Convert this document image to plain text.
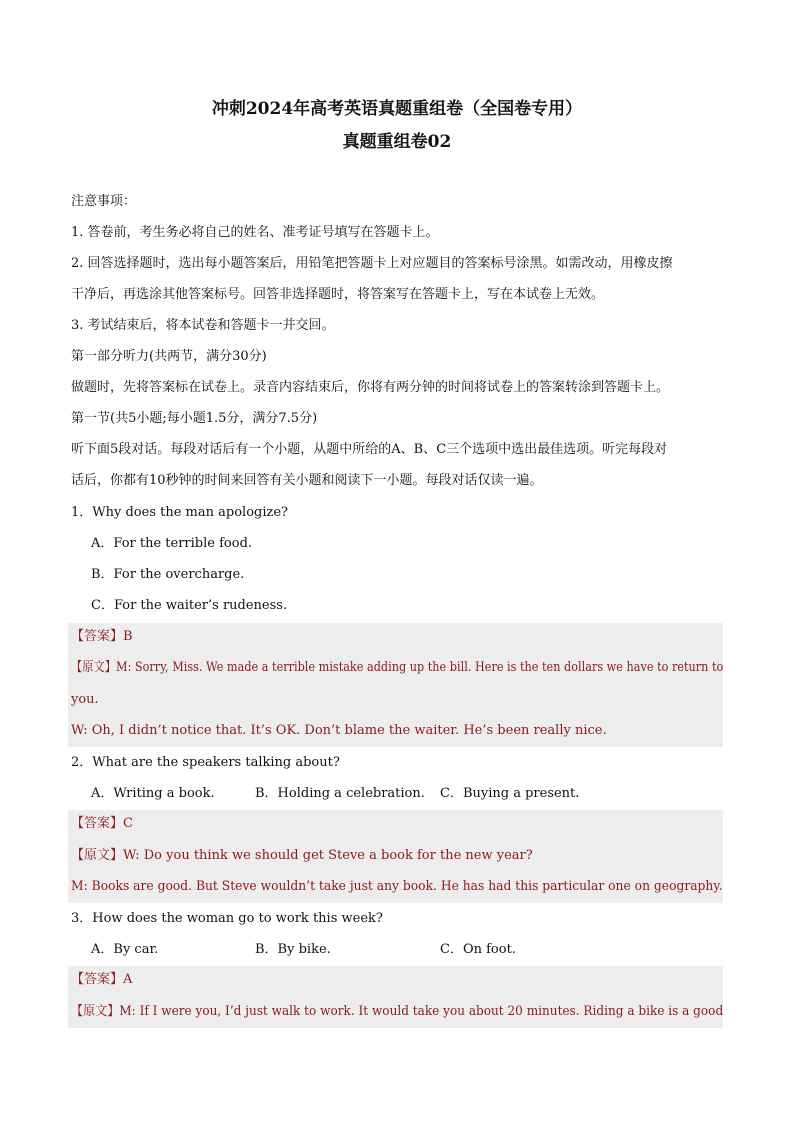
冲刺2024年高考英语真题重组卷（全国卷专用）
真题重组卷02
注意事项：
1. 答卷前，考生务必将自己的姓名、准考证号填写在答题卡上。
2. 回答选择题时，选出每小题答案后，用铅笔把答题卡上对应题目的答案标号涂黑。如需改动，用橡皮擦
干净后，再选涂其他答案标号。回答非选择题时，将答案写在答题卡上，写在本试卷上无效。
3. 考试结束后，将本试卷和答题卡一并交回。
第一部分听力(共两节，满分30分)
做题时，先将答案标在试卷上。录音内容结束后，你将有两分钟的时间将试卷上的答案转涂到答题卡上。
第一节(共5小题;每小题1.5分，满分7.5分)
听下面5段对话。每段对话后有一个小题，从题中所给的A、B、C三个选项中选出最佳选项。听完每段对
话后，你都有10秒钟的时间来回答有关小题和阅读下一小题。每段对话仅读一遍。
1．Why does the man apologize?
A．For the terrible food.
B．For the overcharge.
C．For the waiter’s rudeness.
【答案】B
【原文】M: Sorry, Miss. We made a terrible mistake adding up the bill. Here is the ten dollars we have to return to
you.
W: Oh, I didn’t notice that. It’s OK. Don’t blame the waiter. He’s been really nice.
2．What are the speakers talking about?
A．Writing a book.	B．Holding a celebration. C．Buying a present.
【答案】C
【原文】W: Do you think we should get Steve a book for the new year?
M: Books are good. But Steve wouldn’t take just any book. He has had this particular one on geography.
3．How does the woman go to work this week?
A．By car.	B．By bike.	C．On foot.
【答案】A
【原文】M: If I were you, I’d just walk to work. It would take you about 20 minutes. Riding a bike is a good
